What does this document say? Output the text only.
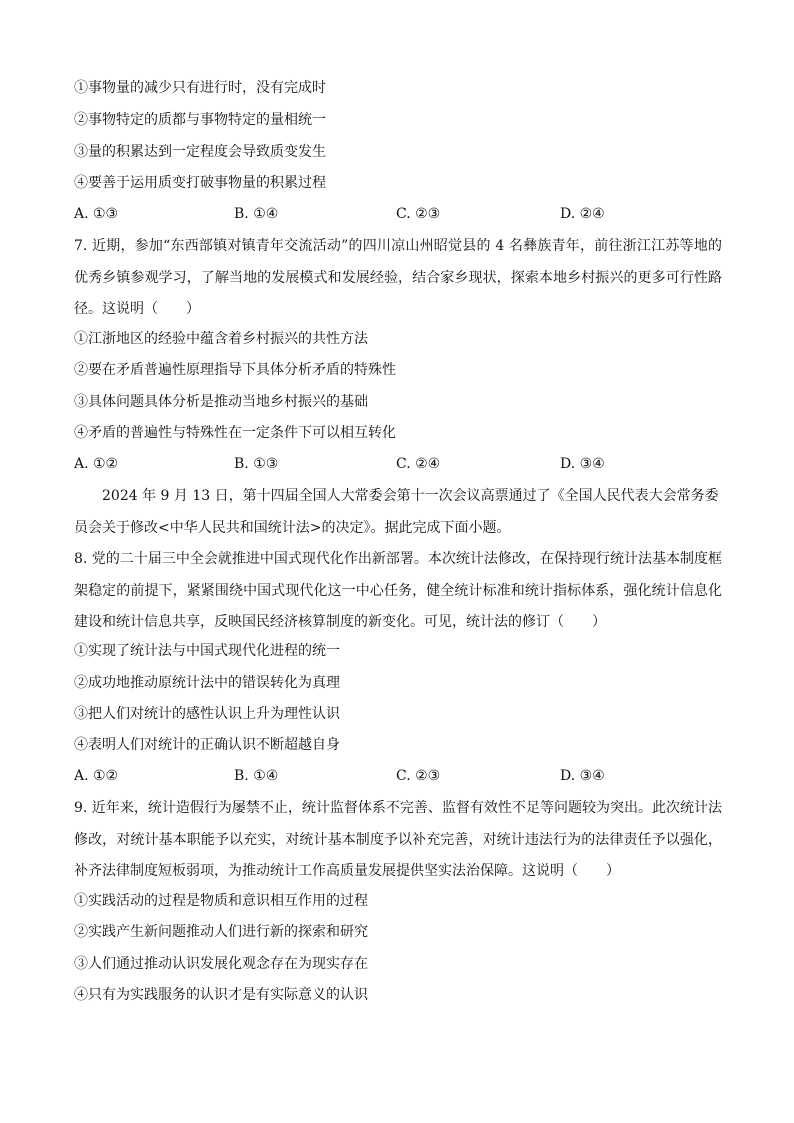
①事物量的减少只有进行时，没有完成时
②事物特定的质都与事物特定的量相统一
③量的积累达到一定程度会导致质变发生
④要善于运用质变打破事物量的积累过程
A. ①③	B. ①④	C. ②③	D. ②④
7. 近期，参加“东西部镇对镇青年交流活动”的四川凉山州昭觉县的 4 名彝族青年，前往浙江江苏等地的优秀乡镇参观学习，了解当地的发展模式和发展经验，结合家乡现状，探索本地乡村振兴的更多可行性路径。这说明（　　）
①江浙地区的经验中蕴含着乡村振兴的共性方法
②要在矛盾普遍性原理指导下具体分析矛盾的特殊性
③具体问题具体分析是推动当地乡村振兴的基础
④矛盾的普遍性与特殊性在一定条件下可以相互转化
A. ①②	B. ①③	C. ②④	D. ③④
2024 年 9 月 13 日，第十四届全国人大常委会第十一次会议高票通过了《全国人民代表大会常务委员会关于修改<中华人民共和国统计法>的决定》。据此完成下面小题。
8. 党的二十届三中全会就推进中国式现代化作出新部署。本次统计法修改，在保持现行统计法基本制度框架稳定的前提下，紧紧围绕中国式现代化这一中心任务，健全统计标准和统计指标体系，强化统计信息化建设和统计信息共享，反映国民经济核算制度的新变化。可见，统计法的修订（　　）
①实现了统计法与中国式现代化进程的统一
②成功地推动原统计法中的错误转化为真理
③把人们对统计的感性认识上升为理性认识
④表明人们对统计的正确认识不断超越自身
A. ①②	B. ①④	C. ②③	D. ③④
9. 近年来，统计造假行为屡禁不止，统计监督体系不完善、监督有效性不足等问题较为突出。此次统计法修改，对统计基本职能予以充实，对统计基本制度予以补充完善，对统计违法行为的法律责任予以强化，补齐法律制度短板弱项，为推动统计工作高质量发展提供坚实法治保障。这说明（　　）
①实践活动的过程是物质和意识相互作用的过程
②实践产生新问题推动人们进行新的探索和研究
③人们通过推动认识发展化观念存在为现实存在
④只有为实践服务的认识才是有实际意义的认识
